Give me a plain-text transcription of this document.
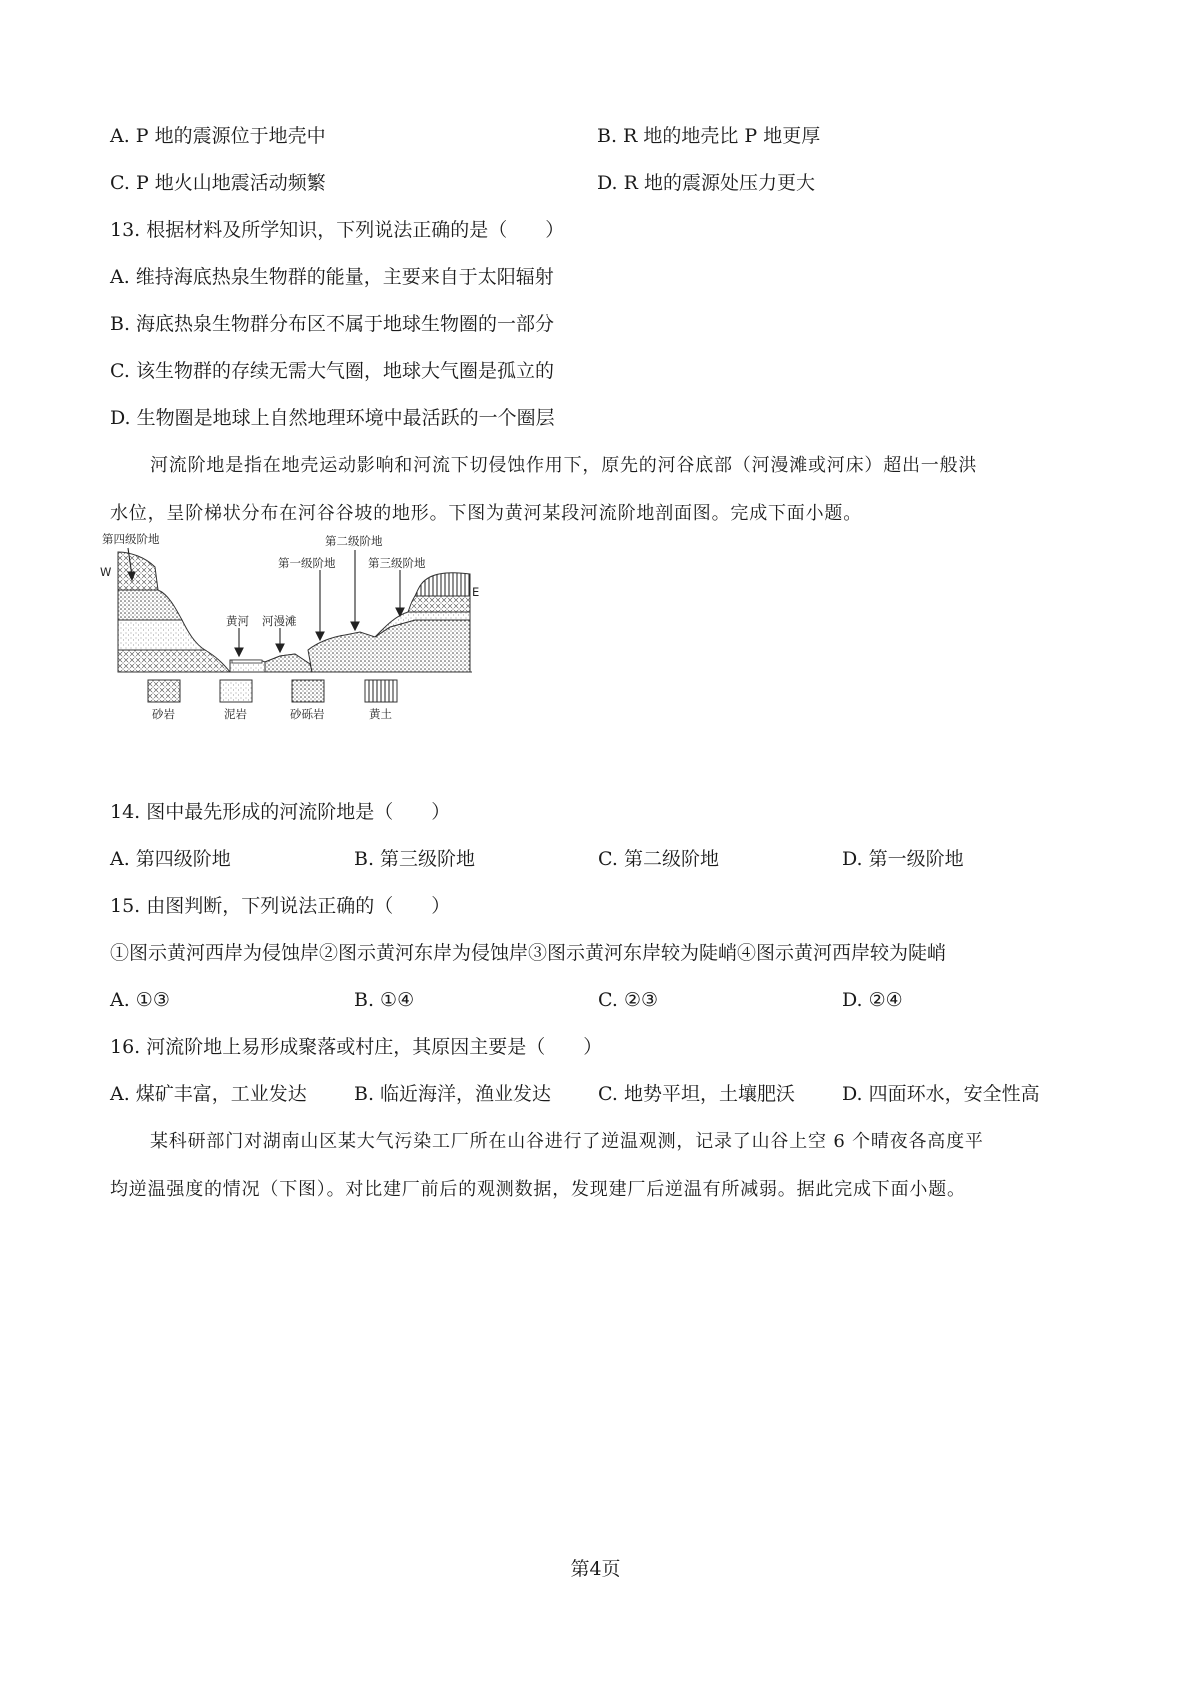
A. P 地的震源位于地壳中	B. R 地的地壳比 P 地更厚
C. P 地火山地震活动频繁	D. R 地的震源处压力更大
13. 根据材料及所学知识，下列说法正确的是（　　）
A. 维持海底热泉生物群的能量，主要来自于太阳辐射
B. 海底热泉生物群分布区不属于地球生物圈的一部分
C. 该生物群的存续无需大气圈，地球大气圈是孤立的
D. 生物圈是地球上自然地理环境中最活跃的一个圈层
河流阶地是指在地壳运动影响和河流下切侵蚀作用下，原先的河谷底部（河漫滩或河床）超出一般洪
水位，呈阶梯状分布在河谷谷坡的地形。下图为黄河某段河流阶地剖面图。完成下面小题。
第四级阶地	第二级阶地
第一级阶地	第三级阶地
W
E
黄河 河漫滩
砂岩	泥岩	砂砾岩	黄土
14. 图中最先形成的河流阶地是（　　）
A. 第四级阶地	B. 第三级阶地	C. 第二级阶地	D. 第一级阶地
15. 由图判断，下列说法正确的（　　）
①图示黄河西岸为侵蚀岸②图示黄河东岸为侵蚀岸③图示黄河东岸较为陡峭④图示黄河西岸较为陡峭
A. ①③	B. ①④	C. ②③	D. ②④
16. 河流阶地上易形成聚落或村庄，其原因主要是（　　）
A. 煤矿丰富，工业发达 B. 临近海洋，渔业发达 C. 地势平坦，土壤肥沃 D. 四面环水，安全性高
某科研部门对湖南山区某大气污染工厂所在山谷进行了逆温观测，记录了山谷上空 6 个晴夜各高度平
均逆温强度的情况（下图）。对比建厂前后的观测数据，发现建厂后逆温有所减弱。据此完成下面小题。
第4页
